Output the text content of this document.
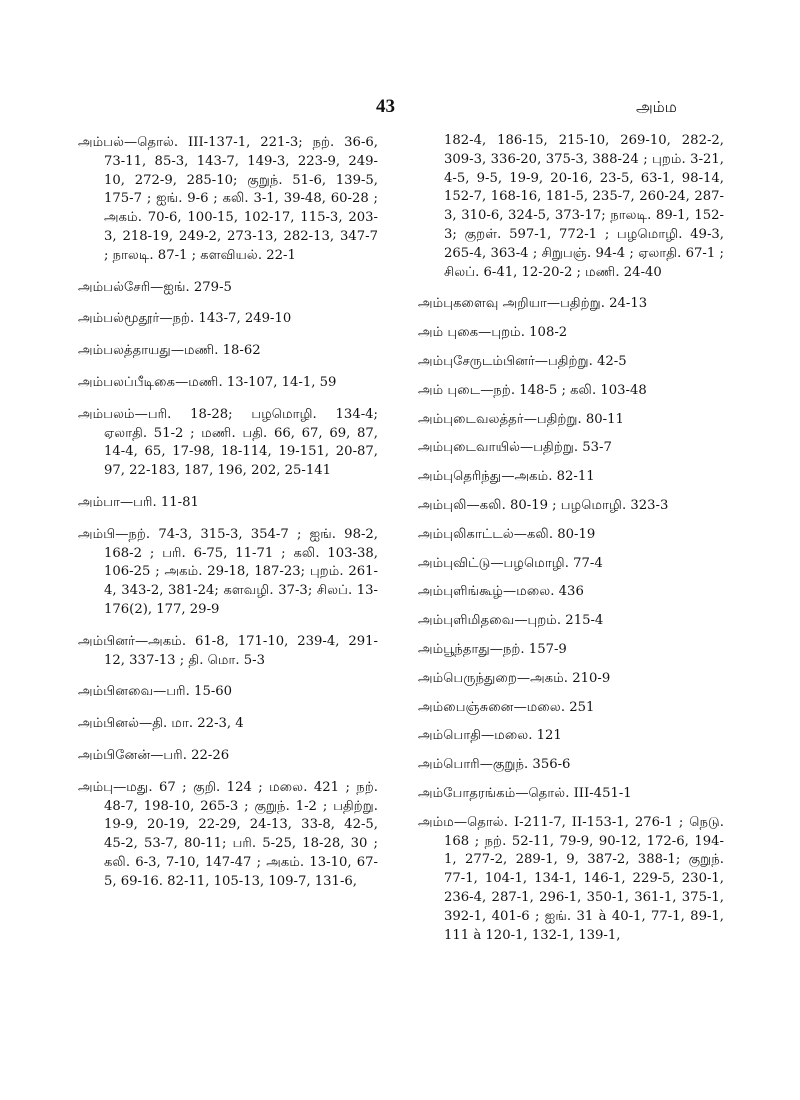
43	அம்ம

அம்பல்—தொல். III-137-1, 221-3; நற். 36-6, 73-11, 85-3, 143-7, 149-3, 223-9, 249-10, 272-9, 285-10; குறுந். 51-6, 139-5, 175-7 ; ஐங். 9-6 ; கலி. 3-1, 39-48, 60-28 ; அகம். 70-6, 100-15, 102-17, 115-3, 203-3, 218-19, 249-2, 273-13, 282-13, 347-7 ; நாலடி. 87-1 ; களவியல். 22-1

அம்பல்சேரி—ஐங். 279-5

அம்பல்மூதூர்—நற். 143-7, 249-10

அம்பலத்தாயது—மணி. 18-62

அம்பலப்பீடிகை—மணி. 13-107, 14-1, 59

அம்பலம்—பரி. 18-28; பழமொழி. 134-4; ஏலாதி. 51-2 ; மணி. பதி. 66, 67, 69, 87, 14-4, 65, 17-98, 18-114, 19-151, 20-87, 97, 22-183, 187, 196, 202, 25-141

அம்பா—பரி. 11-81

அம்பி—நற். 74-3, 315-3, 354-7 ; ஐங். 98-2, 168-2 ; பரி. 6-75, 11-71 ; கலி. 103-38, 106-25 ; அகம். 29-18, 187-23; புறம். 261-4, 343-2, 381-24; களவழி. 37-3; சிலப். 13-176(2), 177, 29-9

அம்பினர்—அகம். 61-8, 171-10, 239-4, 291-12, 337-13 ; தி. மொ. 5-3

அம்பினவை—பரி. 15-60

அம்பினல்—தி. மா. 22-3, 4

அம்பினேன்—பரி. 22-26

அம்பு—மது. 67 ; குறி. 124 ; மலை. 421 ; நற். 48-7, 198-10, 265-3 ; குறுந். 1-2 ; பதிற்று. 19-9, 20-19, 22-29, 24-13, 33-8, 42-5, 45-2, 53-7, 80-11; பரி. 5-25, 18-28, 30 ; கலி. 6-3, 7-10, 147-47 ; அகம். 13-10, 67-5, 69-16. 82-11, 105-13, 109-7, 131-6,

182-4, 186-15, 215-10, 269-10, 282-2, 309-3, 336-20, 375-3, 388-24 ; புறம். 3-21, 4-5, 9-5, 19-9, 20-16, 23-5, 63-1, 98-14, 152-7, 168-16, 181-5, 235-7, 260-24, 287-3, 310-6, 324-5, 373-17; நாலடி. 89-1, 152-3; குறள். 597-1, 772-1 ; பழமொழி. 49-3, 265-4, 363-4 ; சிறுபஞ். 94-4 ; ஏலாதி. 67-1 ; சிலப். 6-41, 12-20-2 ; மணி. 24-40

அம்புகளைவு அறியா—பதிற்று. 24-13

அம் புகை—புறம். 108-2

அம்புசேருடம்பினர்—பதிற்று. 42-5

அம் புடை—நற். 148-5 ; கலி. 103-48

அம்புடைவலத்தர்—பதிற்று. 80-11

அம்புடைவாயில்—பதிற்று. 53-7

அம்புதெரிந்து—அகம். 82-11

அம்புலி—கலி. 80-19 ; பழமொழி. 323-3

அம்புலிகாட்டல்—கலி. 80-19

அம்புவிட்டு—பழமொழி. 77-4

அம்புளிங்கூழ்—மலை. 436

அம்புளிமிதவை—புறம். 215-4

அம்பூந்தாது—நற். 157-9

அம்பெருந்துறை—அகம். 210-9

அம்பைஞ்சுனை—மலை. 251

அம்பொதி—மலை. 121

அம்பொரி—குறுந். 356-6

அம்போதரங்கம்—தொல். III-451-1

அம்ம—தொல். I-211-7, II-153-1, 276-1 ; நெடு. 168 ; நற். 52-11, 79-9, 90-12, 172-6, 194-1, 277-2, 289-1, 9, 387-2, 388-1; குறுந். 77-1, 104-1, 134-1, 146-1, 229-5, 230-1, 236-4, 287-1, 296-1, 350-1, 361-1, 375-1, 392-1, 401-6 ; ஐங். 31 à 40-1, 77-1, 89-1, 111 à 120-1, 132-1, 139-1,
